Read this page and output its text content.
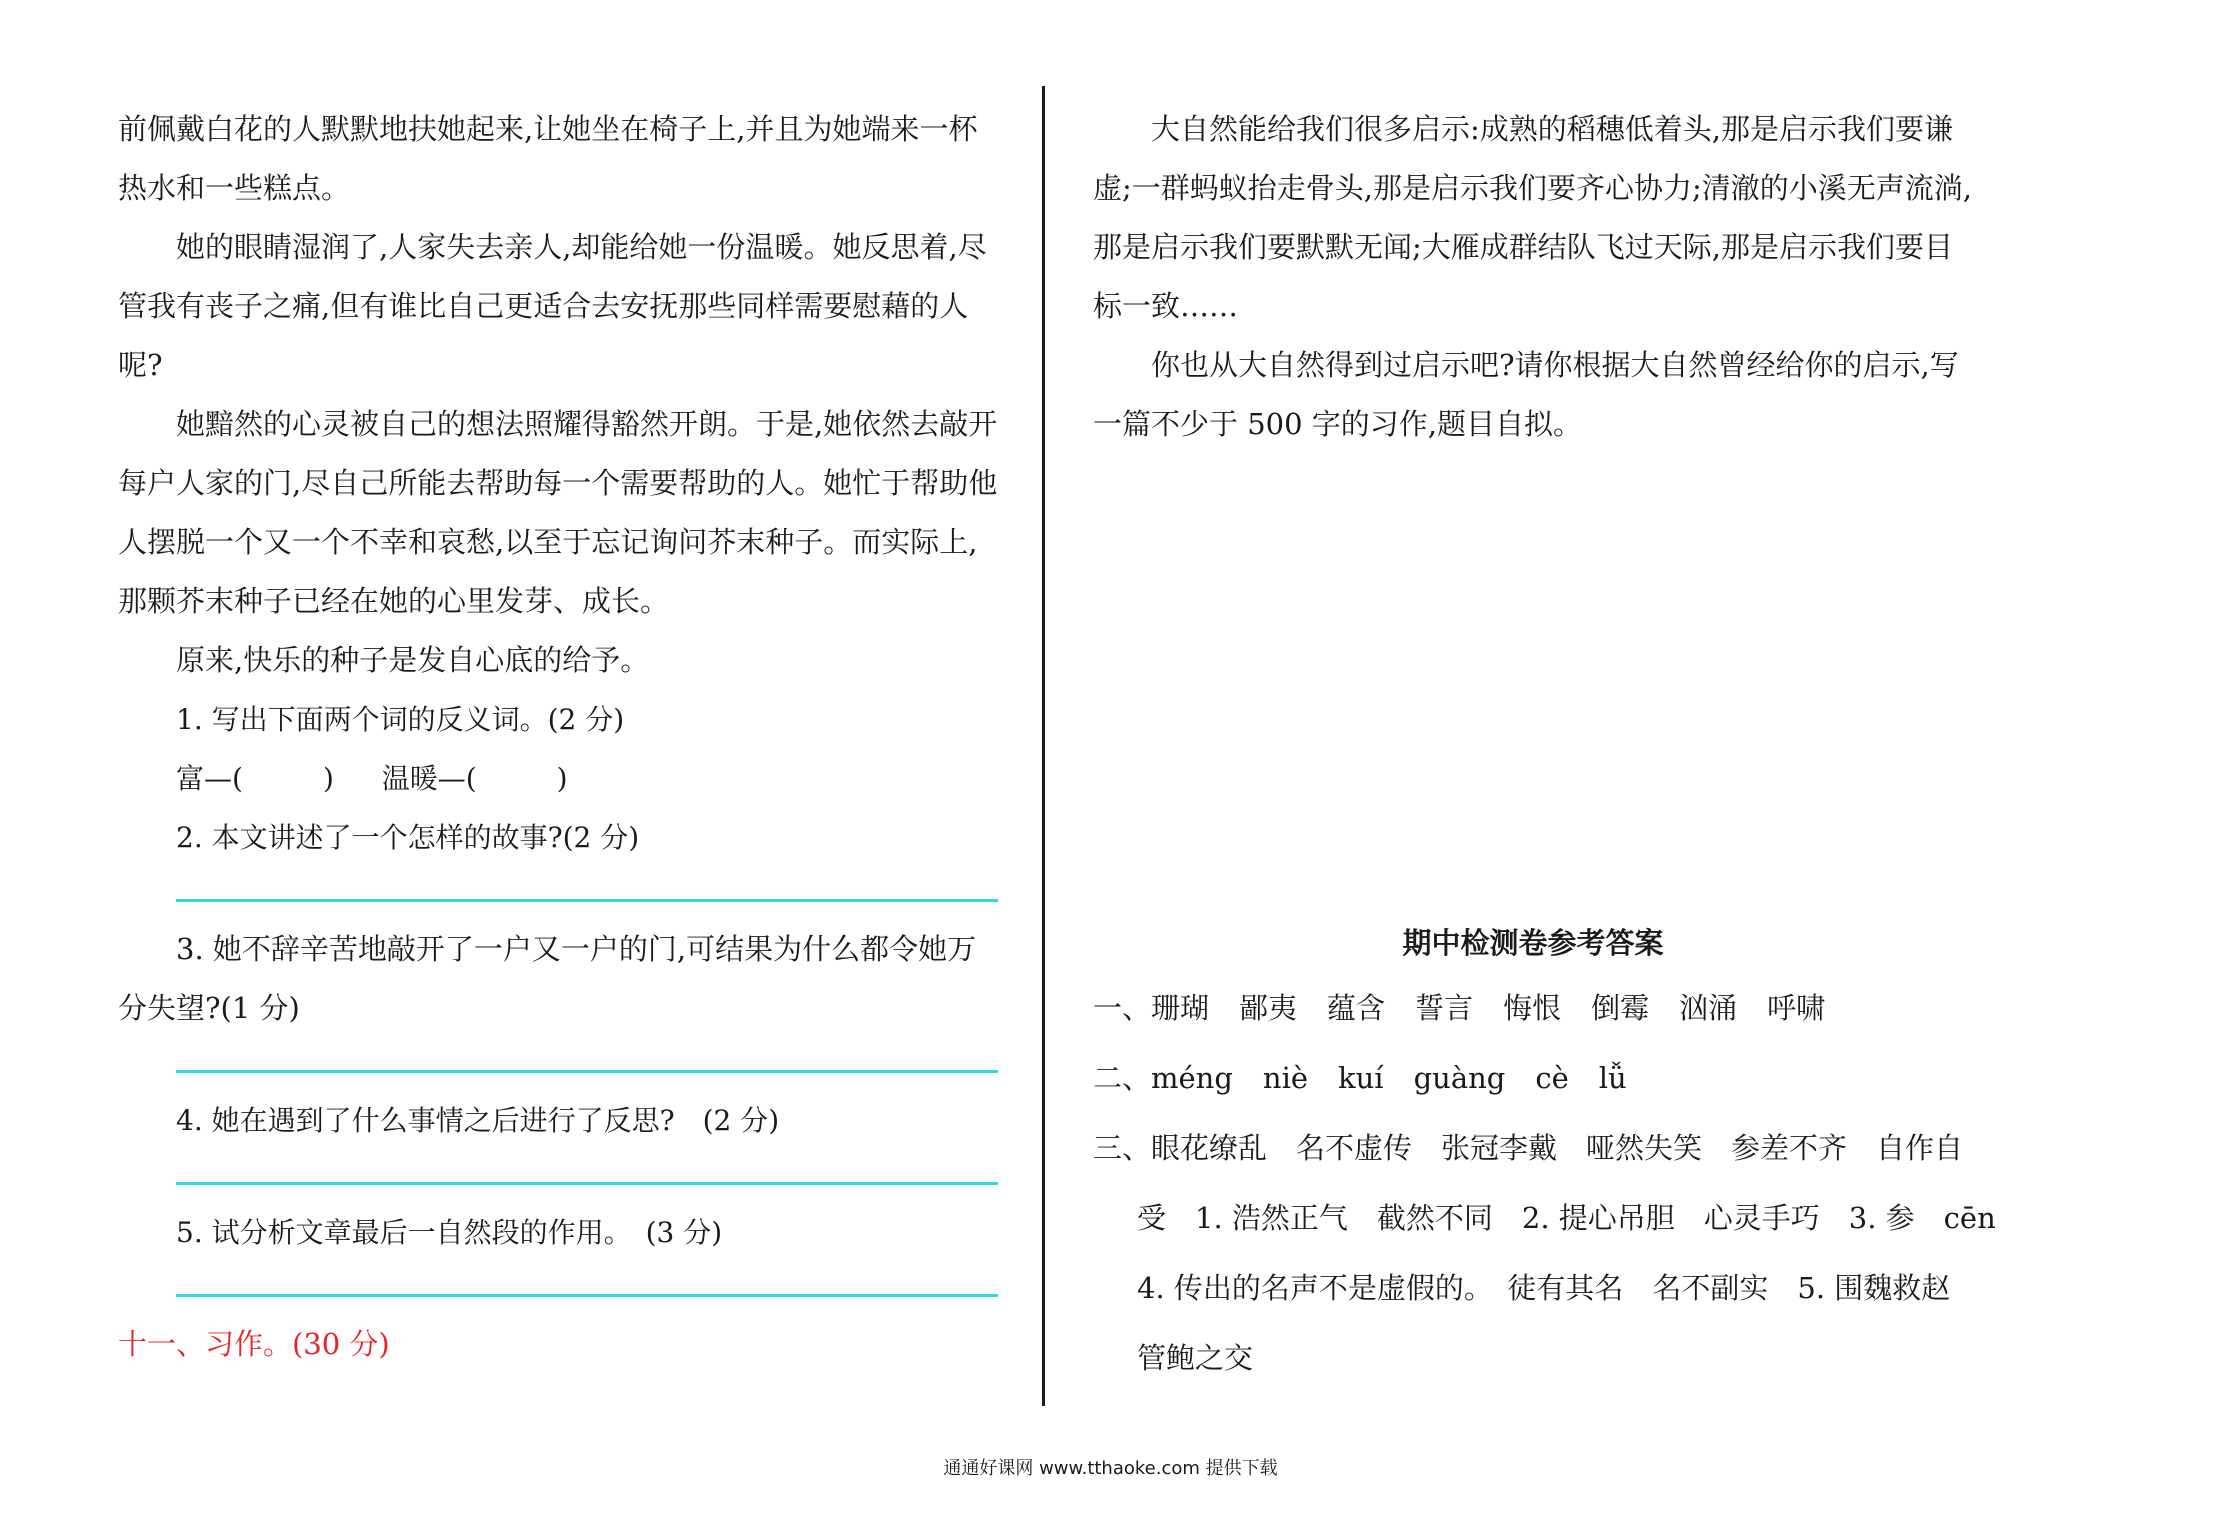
前佩戴白花的人默默地扶她起来,让她坐在椅子上,并且为她端来一杯热水和一些糕点。

她的眼睛湿润了,人家失去亲人,却能给她一份温暖。她反思着,尽管我有丧子之痛,但有谁比自己更适合去安抚那些同样需要慰藉的人呢?

她黯然的心灵被自己的想法照耀得豁然开朗。于是,她依然去敲开每户人家的门,尽自己所能去帮助每一个需要帮助的人。她忙于帮助他人摆脱一个又一个不幸和哀愁,以至于忘记询问芥末种子。而实际上,那颗芥末种子已经在她的心里发芽、成长。

原来,快乐的种子是发自心底的给予。

1. 写出下面两个词的反义词。(2 分)

富—(	) 温暖—(	)

2. 本文讲述了一个怎样的故事?(2 分)

3. 她不辞辛苦地敲开了一户又一户的门,可结果为什么都令她万分失望?(1 分)

4. 她在遇到了什么事情之后进行了反思?　(2 分)

5. 试分析文章最后一自然段的作用。　(3 分)

十一、习作。(30 分)

大自然能给我们很多启示:成熟的稻穗低着头,那是启示我们要谦虚;一群蚂蚁抬走骨头,那是启示我们要齐心协力;清澈的小溪无声流淌,那是启示我们要默默无闻;大雁成群结队飞过天际,那是启示我们要目标一致……

你也从大自然得到过启示吧?请你根据大自然曾经给你的启示,写一篇不少于 500 字的习作,题目自拟。

期中检测卷参考答案

一、珊瑚 鄙夷 蕴含 誓言 悔恨 倒霉 汹涌 呼啸

二、méng niè kuí guàng cè lǚ

三、眼花缭乱　名不虚传　张冠李戴　哑然失笑　参差不齐　自作自

受　1. 浩然正气　截然不同　2. 提心吊胆　心灵手巧　3. 参　cēn

4. 传出的名声不是虚假的。　徒有其名　名不副实　5. 围魏救赵

管鲍之交

通通好课网 www.tthaoke.com 提供下载
